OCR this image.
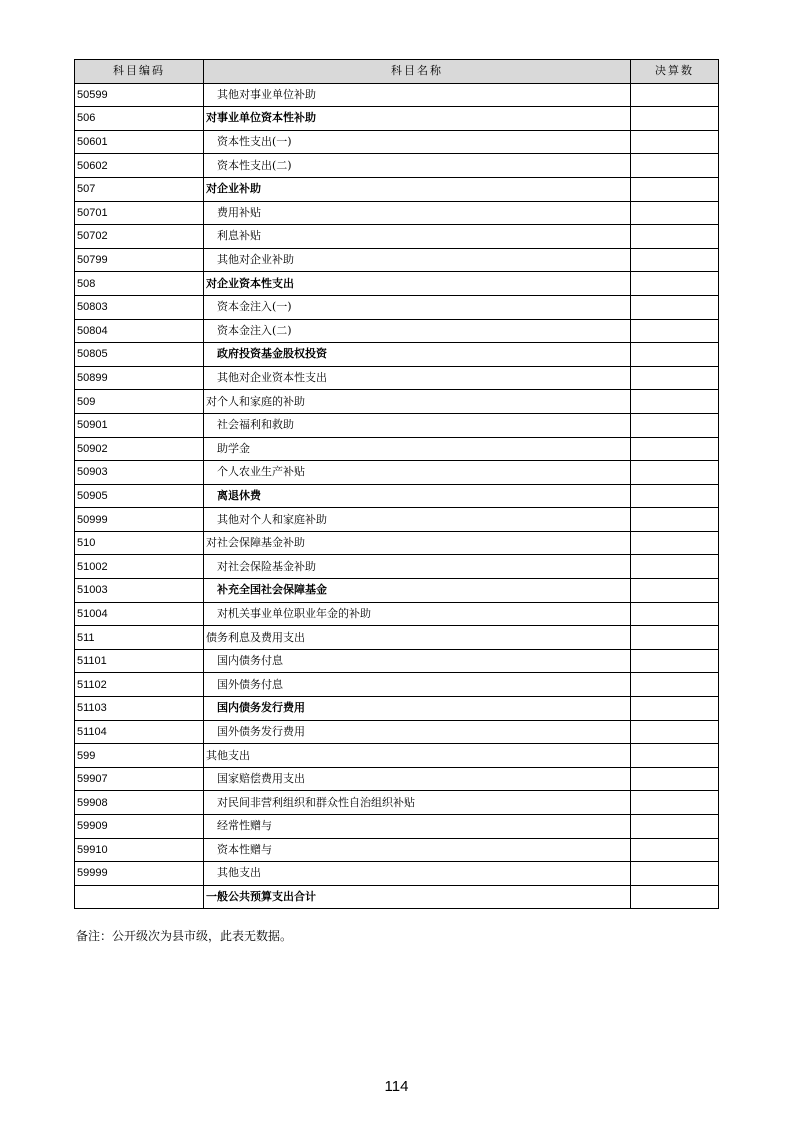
科目编码	科目名称	决算数
50599	其他对事业单位补助	
506	对事业单位资本性补助	
50601	资本性支出(一)	
50602	资本性支出(二)	
507	对企业补助	
50701	费用补贴	
50702	利息补贴	
50799	其他对企业补助	
508	对企业资本性支出	
50803	资本金注入(一)	
50804	资本金注入(二)	
50805	政府投资基金股权投资	
50899	其他对企业资本性支出	
509	对个人和家庭的补助	
50901	社会福利和救助	
50902	助学金	
50903	个人农业生产补贴	
50905	离退休费	
50999	其他对个人和家庭补助	
510	对社会保障基金补助	
51002	对社会保险基金补助	
51003	补充全国社会保障基金	
51004	对机关事业单位职业年金的补助	
511	债务利息及费用支出	
51101	国内债务付息	
51102	国外债务付息	
51103	国内债务发行费用	
51104	国外债务发行费用	
599	其他支出	
59907	国家赔偿费用支出	
59908	对民间非营利组织和群众性自治组织补贴	
59909	经常性赠与	
59910	资本性赠与	
59999	其他支出	
	一般公共预算支出合计	
备注：公开级次为县市级，此表无数据。
114
